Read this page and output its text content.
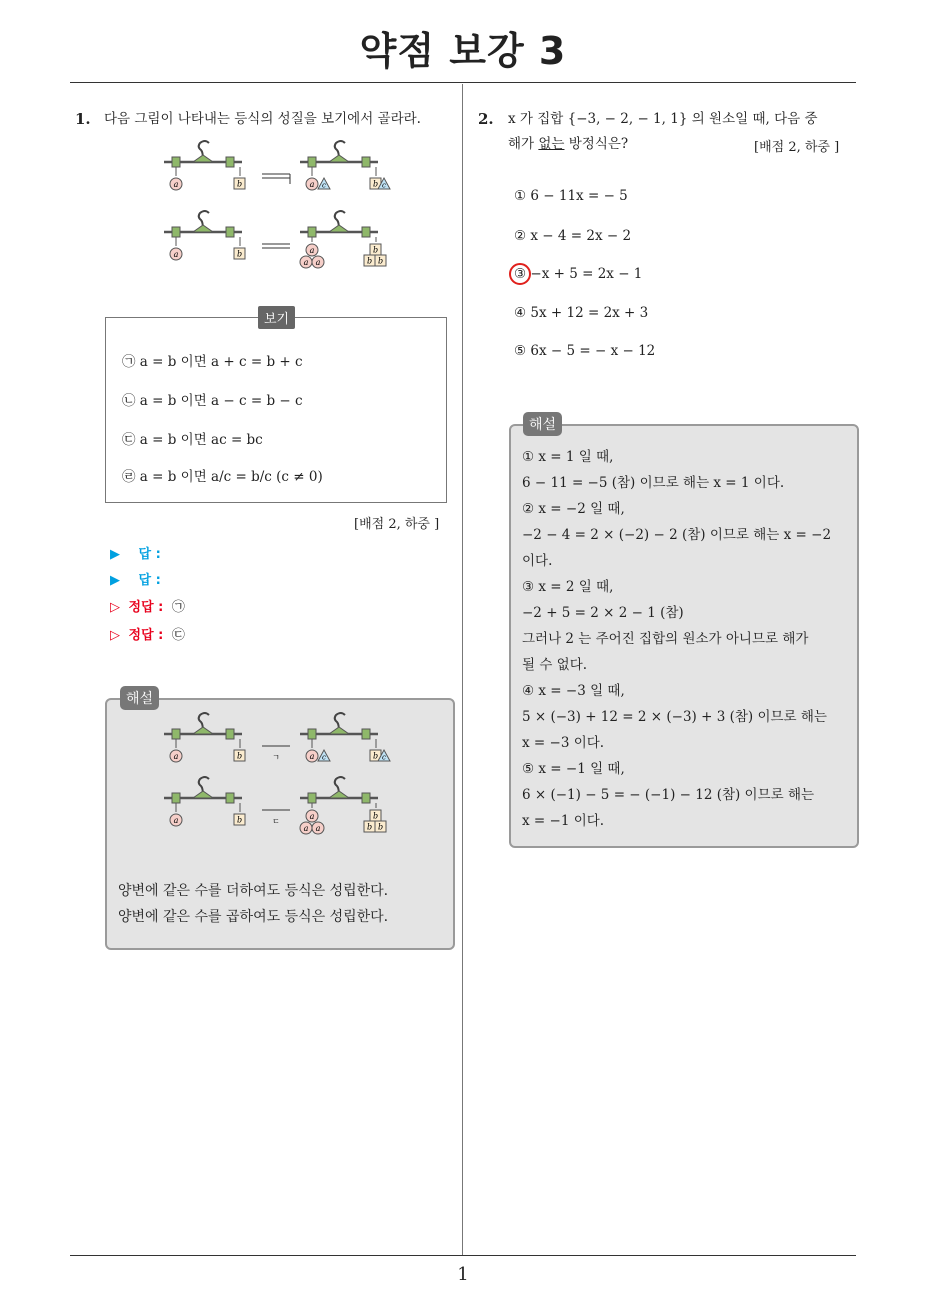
약점 보강 3
1
1. 다음 그림이 나타내는 등식의 성질을 보기에서 골라라.
a	b	a c	b c
a	b	a
a a
b
b b
보기
㉠ a = b 이면 a + c = b + c
㉡ a = b 이면 a − c = b − c
㉢ a = b 이면 ac = bc
㉣ a = b 이면 a/c = b/c (c ≠ 0)
[배점 2, 하중 ]
▶ 답 :
▶ 답 :
▷ 정답 : ㉠
▷ 정답 : ㉢
해설
a	b	a c	b c
ㄱ
a	b	a
a a
b
b b
ㄷ
양변에 같은 수를 더하여도 등식은 성립한다.
양변에 같은 수를 곱하여도 등식은 성립한다.
2. x 가 집합 {−3, − 2, − 1, 1} 의 원소일 때, 다음 중
해가 없는 방정식은?	[배점 2, 하중 ]
① 6 − 11x = − 5
② x − 4 = 2x − 2
③ −x + 5 = 2x − 1
④ 5x + 12 = 2x + 3
⑤ 6x − 5 = − x − 12
해설
① x = 1 일 때,
6 − 11 = −5 (참) 이므로 해는 x = 1 이다.
② x = −2 일 때,
−2 − 4 = 2 × (−2) − 2 (참) 이므로 해는 x = −2
이다.
③ x = 2 일 때,
−2 + 5 = 2 × 2 − 1 (참)
그러나 2 는 주어진 집합의 원소가 아니므로 해가
될 수 없다.
④ x = −3 일 때,
5 × (−3) + 12 = 2 × (−3) + 3 (참) 이므로 해는
x = −3 이다.
⑤ x = −1 일 때,
6 × (−1) − 5 = − (−1) − 12 (참) 이므로 해는
x = −1 이다.
